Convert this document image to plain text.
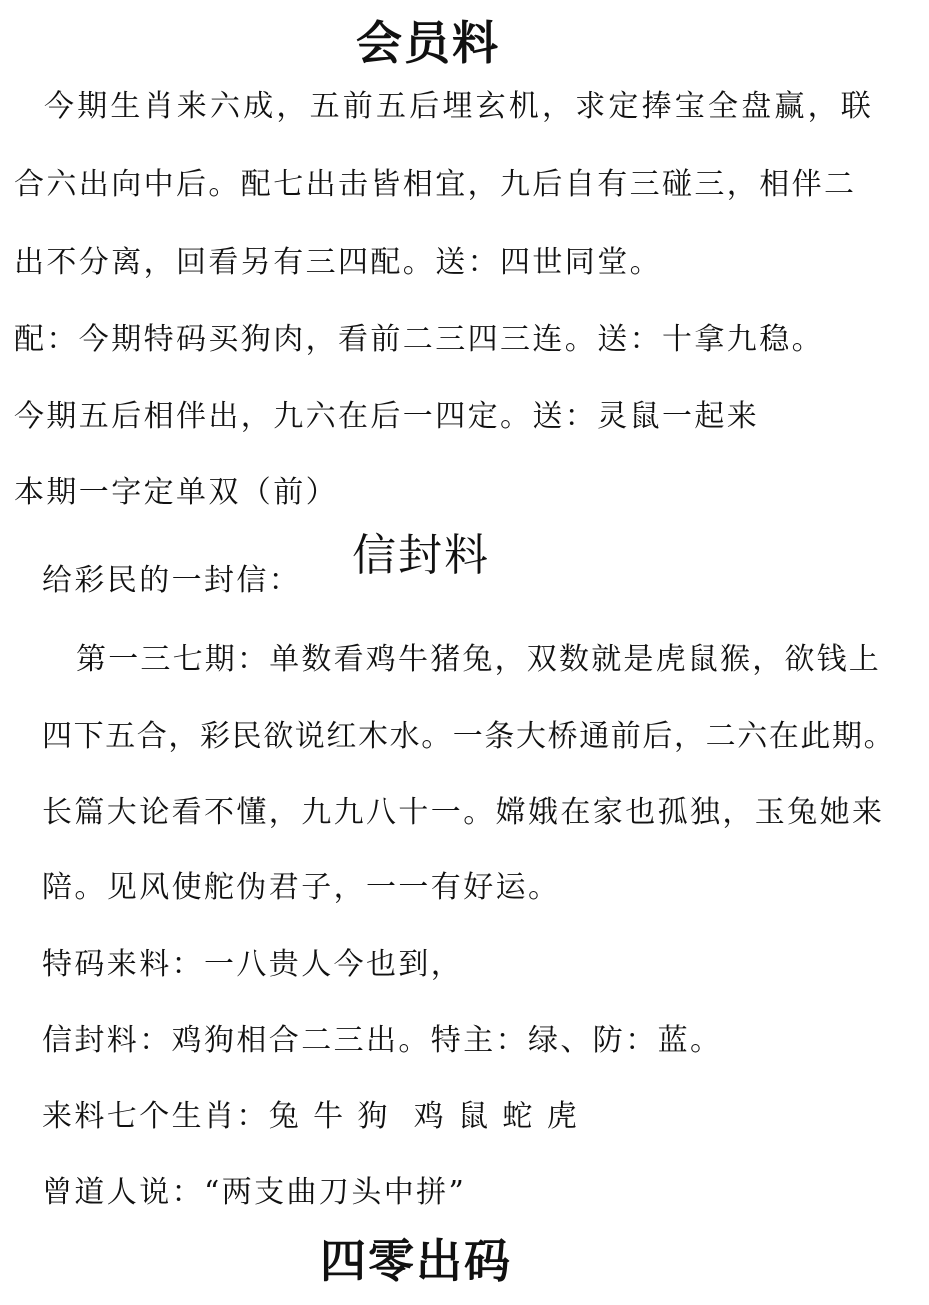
会员料
今期生肖来六成，五前五后埋玄机，求定捧宝全盘赢，联
合六出向中后。配七出击皆相宜，九后自有三碰三，相伴二
出不分离，回看另有三四配。送：四世同堂。
配：今期特码买狗肉，看前二三四三连。送：十拿九稳。
今期五后相伴出，九六在后一四定。送：灵鼠一起来
本期一字定单双（前）
信封料
给彩民的一封信：
第一三七期：单数看鸡牛猪兔，双数就是虎鼠猴，欲钱上
四下五合，彩民欲说红木水。一条大桥通前后，二六在此期。
长篇大论看不懂，九九八十一。嫦娥在家也孤独，玉兔她来
陪。见风使舵伪君子，一一有好运。
特码来料：一八贵人今也到，
信封料：鸡狗相合二三出。特主：绿、防：蓝。
来料七个生肖：兔 牛 狗  鸡 鼠 蛇 虎
曾道人说：“两支曲刀头中拼”
四零出码
